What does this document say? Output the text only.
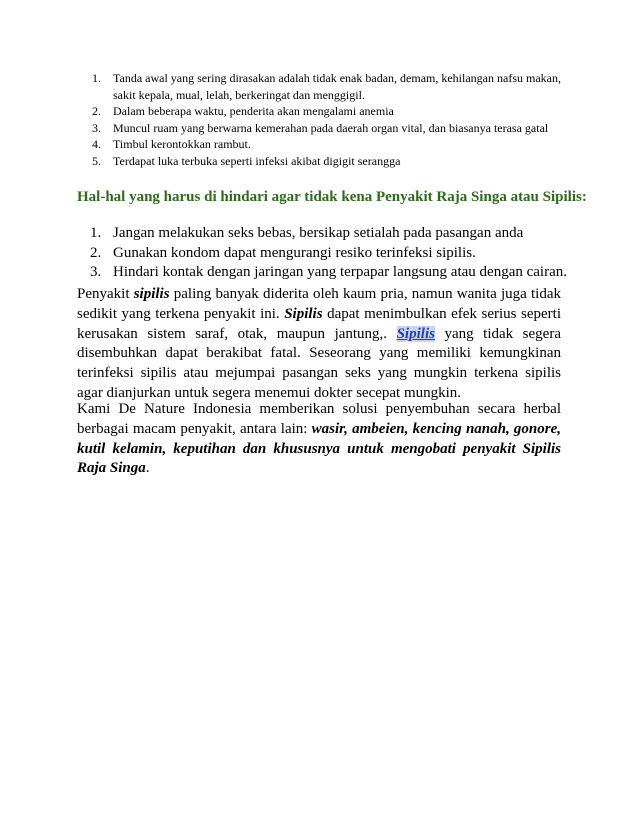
1. Tanda awal yang sering dirasakan adalah tidak enak badan, demam, kehilangan nafsu makan, sakit kepala, mual, lelah, berkeringat dan menggigil.
2. Dalam beberapa waktu, penderita akan mengalami anemia
3. Muncul ruam yang berwarna kemerahan pada daerah organ vital, dan biasanya terasa gatal
4. Timbul kerontokkan rambut.
5. Terdapat luka terbuka seperti infeksi akibat digigit serangga
Hal-hal yang harus di hindari agar tidak kena Penyakit Raja Singa atau Sipilis:
1. Jangan melakukan seks bebas, bersikap setialah pada pasangan anda
2. Gunakan kondom dapat mengurangi resiko terinfeksi sipilis.
3. Hindari kontak dengan jaringan yang terpapar langsung atau dengan cairan.

Penyakit sipilis paling banyak diderita oleh kaum pria, namun wanita juga tidak sedikit yang terkena penyakit ini. Sipilis dapat menimbulkan efek serius seperti kerusakan sistem saraf, otak, maupun jantung,. Sipilis yang tidak segera disembuhkan dapat berakibat fatal. Seseorang yang memiliki kemungkinan terinfeksi sipilis atau mejumpai pasangan seks yang mungkin terkena sipilis agar dianjurkan untuk segera menemui dokter secepat mungkin.

Kami De Nature Indonesia memberikan solusi penyembuhan secara herbal berbagai macam penyakit, antara lain: wasir, ambeien, kencing nanah, gonore, kutil kelamin, keputihan dan khususnya untuk mengobati penyakit Sipilis Raja Singa.
